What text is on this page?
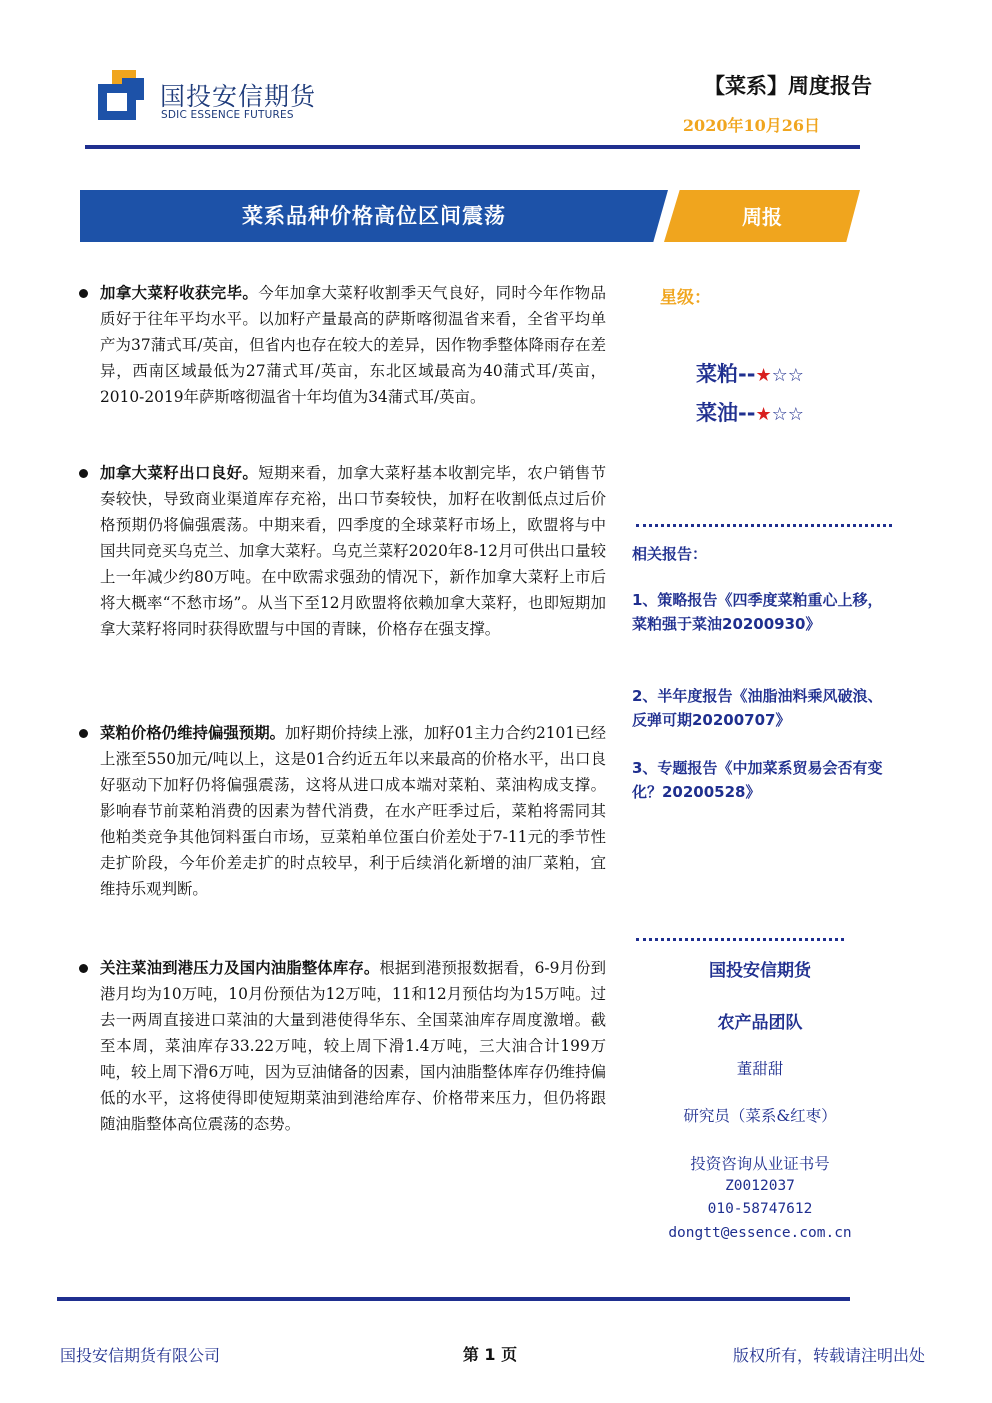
国投安信期货
SDIC ESSENCE FUTURES
【菜系】周度报告
2020年10月26日
菜系品种价格高位区间震荡	周报

加拿大菜籽收获完毕。今年加拿大菜籽收割季天气良好，同时今年作物品质好于往年平均水平。以加籽产量最高的萨斯喀彻温省来看，全省平均单产为37蒲式耳/英亩，但省内也存在较大的差异，因作物季整体降雨存在差异，西南区域最低为27蒲式耳/英亩，东北区域最高为40蒲式耳/英亩，2010-2019年萨斯喀彻温省十年均值为34蒲式耳/英亩。

加拿大菜籽出口良好。短期来看，加拿大菜籽基本收割完毕，农户销售节奏较快，导致商业渠道库存充裕，出口节奏较快，加籽在收割低点过后价格预期仍将偏强震荡。中期来看，四季度的全球菜籽市场上，欧盟将与中国共同竞买乌克兰、加拿大菜籽。乌克兰菜籽2020年8-12月可供出口量较上一年减少约80万吨。在中欧需求强劲的情况下，新作加拿大菜籽上市后将大概率“不愁市场”。从当下至12月欧盟将依赖加拿大菜籽，也即短期加拿大菜籽将同时获得欧盟与中国的青睐，价格存在强支撑。

菜粕价格仍维持偏强预期。加籽期价持续上涨，加籽01主力合约2101已经上涨至550加元/吨以上，这是01合约近五年以来最高的价格水平，出口良好驱动下加籽仍将偏强震荡，这将从进口成本端对菜粕、菜油构成支撑。影响春节前菜粕消费的因素为替代消费，在水产旺季过后，菜粕将需同其他粕类竞争其他饲料蛋白市场，豆菜粕单位蛋白价差处于7-11元的季节性走扩阶段，今年价差走扩的时点较早，利于后续消化新增的油厂菜粕，宜维持乐观判断。

关注菜油到港压力及国内油脂整体库存。根据到港预报数据看，6-9月份到港月均为10万吨，10月份预估为12万吨，11和12月预估均为15万吨。过去一两周直接进口菜油的大量到港使得华东、全国菜油库存周度激增。截至本周，菜油库存33.22万吨，较上周下滑1.4万吨，三大油合计199万吨，较上周下滑6万吨，因为豆油储备的因素，国内油脂整体库存仍维持偏低的水平，这将使得即使短期菜油到港给库存、价格带来压力，但仍将跟随油脂整体高位震荡的态势。

星级：
菜粕--★☆☆
菜油--★☆☆
相关报告：
1、策略报告《四季度菜粕重心上移，菜粕强于菜油20200930》
2、半年度报告《油脂油料乘风破浪、反弹可期20200707》
3、专题报告《中加菜系贸易会否有变化？20200528》
国投安信期货
农产品团队
董甜甜
研究员（菜系&红枣）
投资咨询从业证书号
Z0012037
010-58747612
dongtt@essence.com.cn
国投安信期货有限公司	第 1 页	版权所有，转载请注明出处
